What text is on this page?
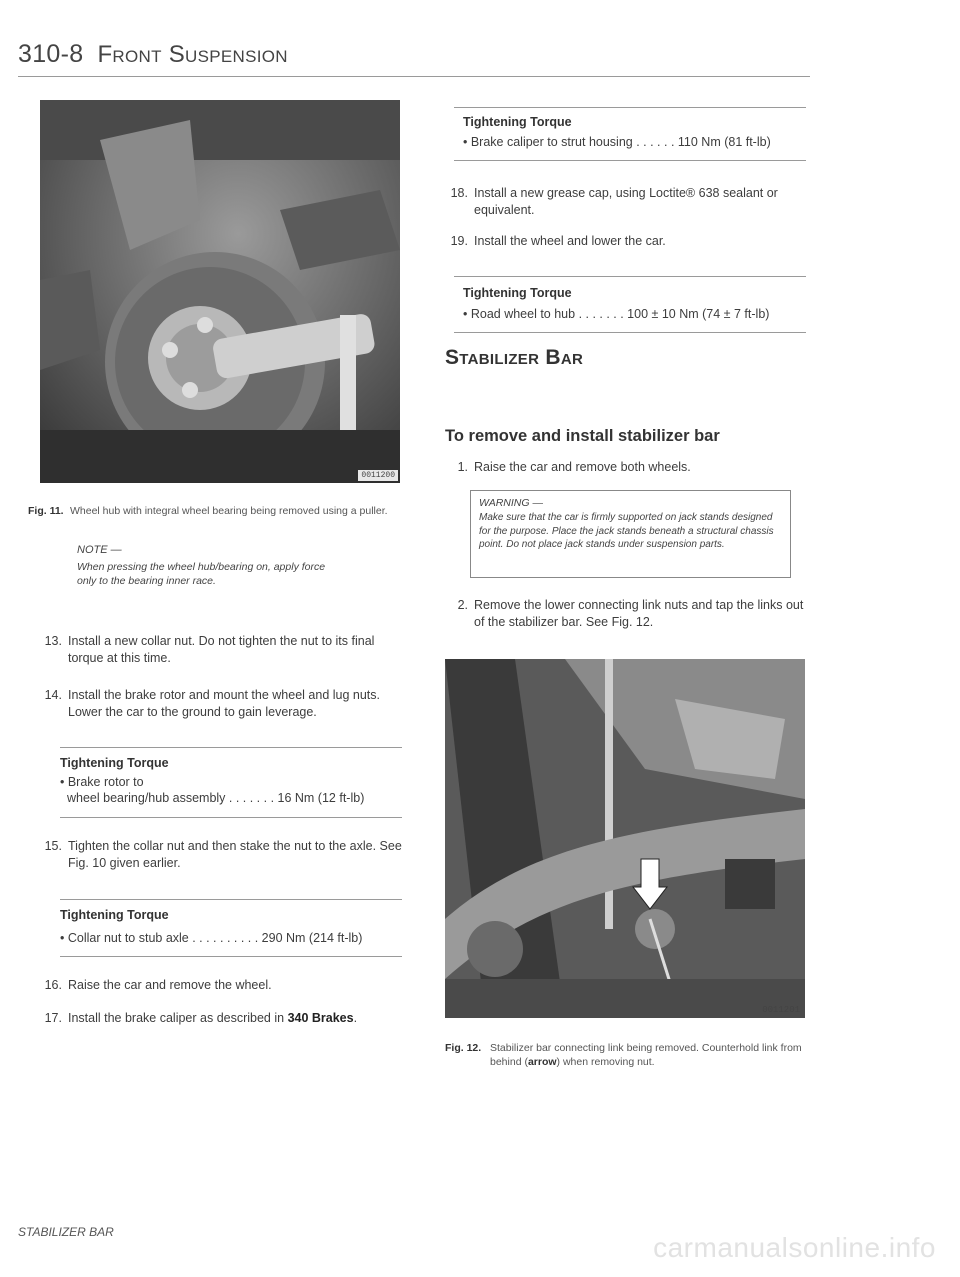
310-8 Front Suspension
0011200
Fig. 11. Wheel hub with integral wheel bearing being removed using a puller.
NOTE —
When pressing the wheel hub/bearing on, apply force only to the bearing inner race.
13. Install a new collar nut. Do not tighten the nut to its final torque at this time.
14. Install the brake rotor and mount the wheel and lug nuts. Lower the car to the ground to gain leverage.
Tightening Torque
• Brake rotor to
wheel bearing/hub assembly . . . . . . . 16 Nm (12 ft-lb)
15. Tighten the collar nut and then stake the nut to the axle. See Fig. 10 given earlier.
Tightening Torque
• Collar nut to stub axle . . . . . . . . . . 290 Nm (214 ft-lb)
16. Raise the car and remove the wheel.
17. Install the brake caliper as described in 340 Brakes.
Tightening Torque
• Brake caliper to strut housing . . . . . . 110 Nm (81 ft-lb)
18. Install a new grease cap, using Loctite® 638 sealant or equivalent.
19. Install the wheel and lower the car.
Tightening Torque
• Road wheel to hub . . . . . . . 100 ± 10 Nm (74 ± 7 ft-lb)
Stabilizer Bar
To remove and install stabilizer bar
1. Raise the car and remove both wheels.
WARNING —
Make sure that the car is firmly supported on jack stands designed for the purpose. Place the jack stands beneath a structural chassis point. Do not place jack stands under suspension parts.
2. Remove the lower connecting link nuts and tap the links out of the stabilizer bar. See Fig. 12.
0011201
Fig. 12. Stabilizer bar connecting link being removed. Counterhold link from behind (arrow) when removing nut.
STABILIZER BAR	carmanualsonline.info
